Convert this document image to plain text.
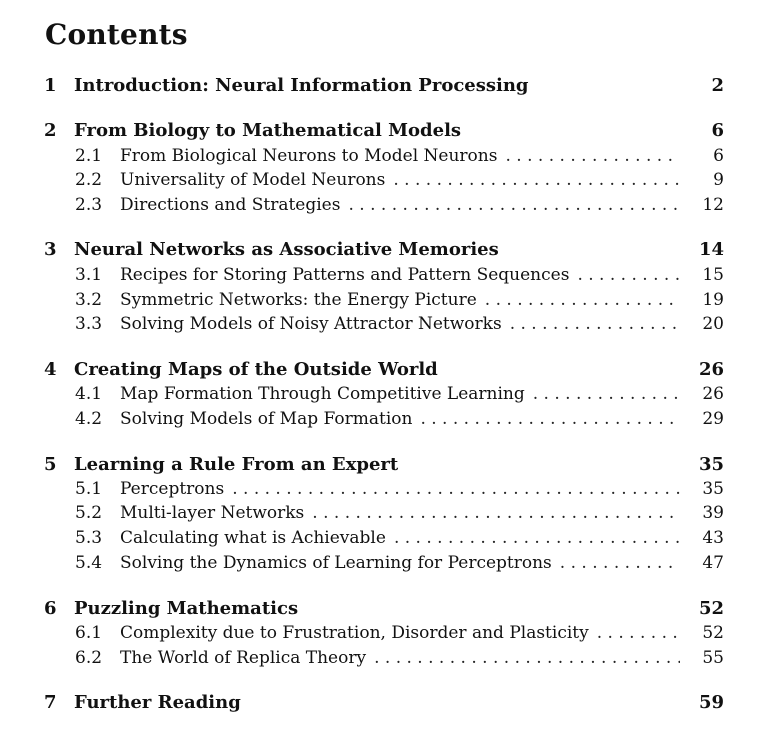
Contents
1 Introduction: Neural Information Processing	2
2 From Biology to Mathematical Models	6
2.1 From Biological Neurons to Model Neurons . . .	6
2.2 Universality of Model Neurons . . .	9
2.3 Directions and Strategies . . .	12
3 Neural Networks as Associative Memories	14
3.1 Recipes for Storing Patterns and Pattern Sequences . . .	15
3.2 Symmetric Networks: the Energy Picture . . .	19
3.3 Solving Models of Noisy Attractor Networks . . .	20
4 Creating Maps of the Outside World	26
4.1 Map Formation Through Competitive Learning . . .	26
4.2 Solving Models of Map Formation . . .	29
5 Learning a Rule From an Expert	35
5.1 Perceptrons . . .	35
5.2 Multi-layer Networks . . .	39
5.3 Calculating what is Achievable . . .	43
5.4 Solving the Dynamics of Learning for Perceptrons . . .	47
6 Puzzling Mathematics	52
6.1 Complexity due to Frustration, Disorder and Plasticity . . .	52
6.2 The World of Replica Theory . . .	55
7 Further Reading	59
